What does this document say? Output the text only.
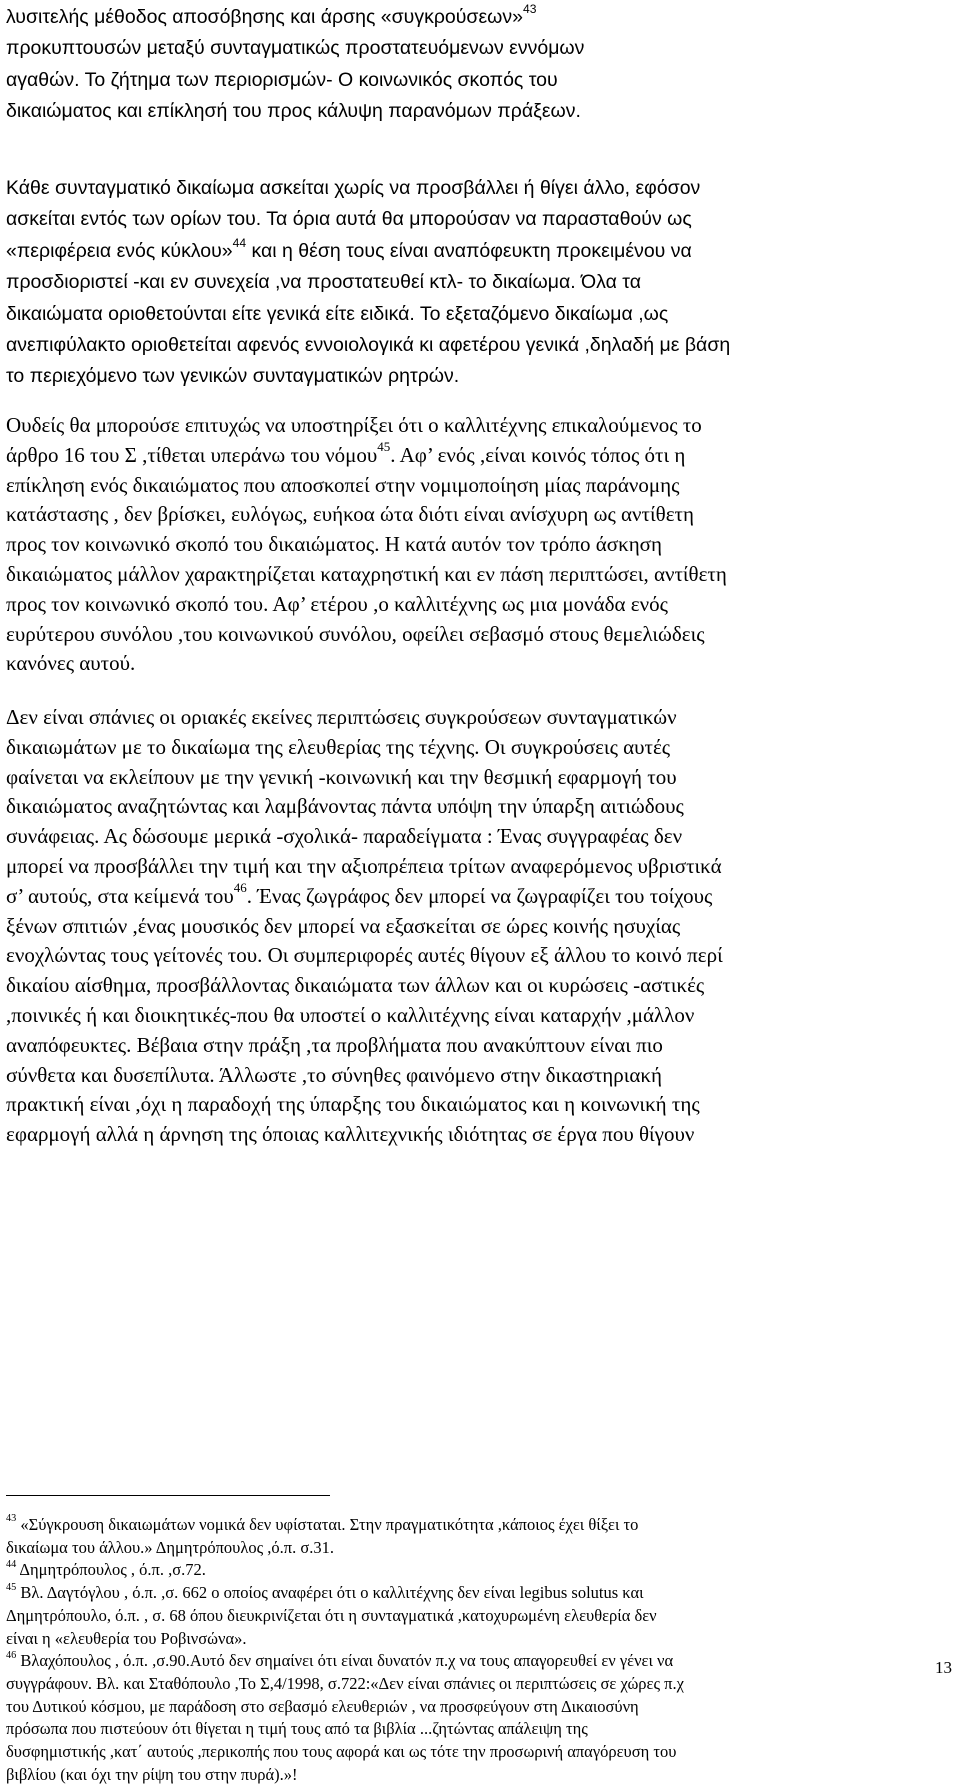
λυσιτελής μέθοδος αποσόβησης και άρσης «συγκρούσεων»$^{43}$
προκυπτουσών μεταξύ συνταγματικώς προστατευόμενων εννόμων
αγαθών. Το ζήτημα των περιορισμών- Ο κοινωνικός σκοπός του
δικαιώματος και επίκλησή του προς κάλυψη παρανόμων πράξεων.
Κάθε συνταγματικό δικαίωμα ασκείται χωρίς να προσβάλλει ή θίγει άλλο, εφόσον
ασκείται εντός των ορίων του. Τα όρια αυτά θα μπορούσαν να παρασταθούν ως
«περιφέρεια ενός κύκλου»$^{44}$ και η θέση τους είναι αναπόφευκτη προκειμένου να
προσδιοριστεί -και εν συνεχεία ,να προστατευθεί κτλ- το δικαίωμα. Όλα τα
δικαιώματα οριοθετούνται είτε γενικά είτε ειδικά. Το εξεταζόμενο δικαίωμα ,ως
ανεπιφύλακτο οριοθετείται αφενός εννοιολογικά κι αφετέρου γενικά ,δηλαδή με βάση
το περιεχόμενο των γενικών συνταγματικών ρητρών.
Ουδείς θα μπορούσε επιτυχώς να υποστηρίξει ότι ο καλλιτέχνης επικαλούμενος το
άρθρο 16 του Σ ,τίθεται υπεράνω του νόμου$^{45}$. Αφ’ ενός ,είναι κοινός τόπος ότι η
επίκληση ενός δικαιώματος που αποσκοπεί στην νομιμοποίηση μίας παράνομης
κατάστασης , δεν βρίσκει, ευλόγως, ευήκοα ώτα διότι είναι ανίσχυρη ως αντίθετη
προς τον κοινωνικό σκοπό του δικαιώματος. Η κατά αυτόν τον τρόπο άσκηση
δικαιώματος μάλλον χαρακτηρίζεται καταχρηστική και εν πάση περιπτώσει, αντίθετη
προς τον κοινωνικό σκοπό του. Αφ’ ετέρου ,ο καλλιτέχνης ως μια μονάδα ενός
ευρύτερου συνόλου ,του κοινωνικού συνόλου, οφείλει σεβασμό στους θεμελιώδεις
κανόνες αυτού.
Δεν είναι σπάνιες οι οριακές εκείνες περιπτώσεις συγκρούσεων συνταγματικών
δικαιωμάτων με το δικαίωμα της ελευθερίας της τέχνης. Οι συγκρούσεις αυτές
φαίνεται να εκλείπουν με την γενική -κοινωνική και την θεσμική εφαρμογή του
δικαιώματος αναζητώντας και λαμβάνοντας πάντα υπόψη την ύπαρξη αιτιώδους
συνάφειας. Ας δώσουμε μερικά -σχολικά- παραδείγματα : Ένας συγγραφέας δεν
μπορεί να προσβάλλει την τιμή και την αξιοπρέπεια τρίτων αναφερόμενος υβριστικά
σ’ αυτούς, στα κείμενά του$^{46}$. Ένας ζωγράφος δεν μπορεί να ζωγραφίζει του τοίχους
ξένων σπιτιών ,ένας μουσικός δεν μπορεί να εξασκείται σε ώρες κοινής ησυχίας
ενοχλώντας τους γείτονές του. Οι συμπεριφορές αυτές θίγουν εξ άλλου το κοινό περί
δικαίου αίσθημα, προσβάλλοντας δικαιώματα των άλλων και οι κυρώσεις -αστικές
,ποινικές ή και διοικητικές-που θα υποστεί ο καλλιτέχνης είναι καταρχήν ,μάλλον
αναπόφευκτες. Βέβαια στην πράξη ,τα προβλήματα που ανακύπτουν είναι πιο
σύνθετα και δυσεπίλυτα. Άλλωστε ,το σύνηθες φαινόμενο στην δικαστηριακή
πρακτική είναι ,όχι η παραδοχή της ύπαρξης του δικαιώματος και η κοινωνική της
εφαρμογή αλλά η άρνηση της όποιας καλλιτεχνικής ιδιότητας σε έργα που θίγουν
$^{43}$ «Σύγκρουση δικαιωμάτων νομικά δεν υφίσταται. Στην πραγματικότητα ,κάποιος έχει θίξει το
δικαίωμα του άλλου.» Δημητρόπουλος ,ό.π. σ.31.
$^{44}$ Δημητρόπουλος , ό.π. ,σ.72.
$^{45}$ Βλ. Δαγτόγλου , ό.π. ,σ. 662 ο οποίος αναφέρει ότι ο καλλιτέχνης δεν είναι legibus solutus και
Δημητρόπουλο, ό.π. , σ. 68 όπου διευκρινίζεται ότι η συνταγματικά ,κατοχυρωμένη ελευθερία δεν
είναι η «ελευθερία του Ροβινσώνα».
$^{46}$ Βλαχόπουλος , ό.π. ,σ.90.Αυτό δεν σημαίνει ότι είναι δυνατόν π.χ να τους απαγορευθεί εν γένει να
συγγράφουν. Βλ. και Σταθόπουλο ,Το Σ,4/1998, σ.722:«Δεν είναι σπάνιες οι περιπτώσεις σε χώρες π.χ
του Δυτικού κόσμου, με παράδοση στο σεβασμό ελευθεριών , να προσφεύγουν στη Δικαιοσύνη
πρόσωπα που πιστεύουν ότι θίγεται η τιμή τους από τα βιβλία ...ζητώντας απάλειψη της
δυσφημιστικής ,κατ΄ αυτούς ,περικοπής που τους αφορά και ως τότε την προσωρινή απαγόρευση του
βιβλίου (και όχι την ρίψη του στην πυρά).»!
13
